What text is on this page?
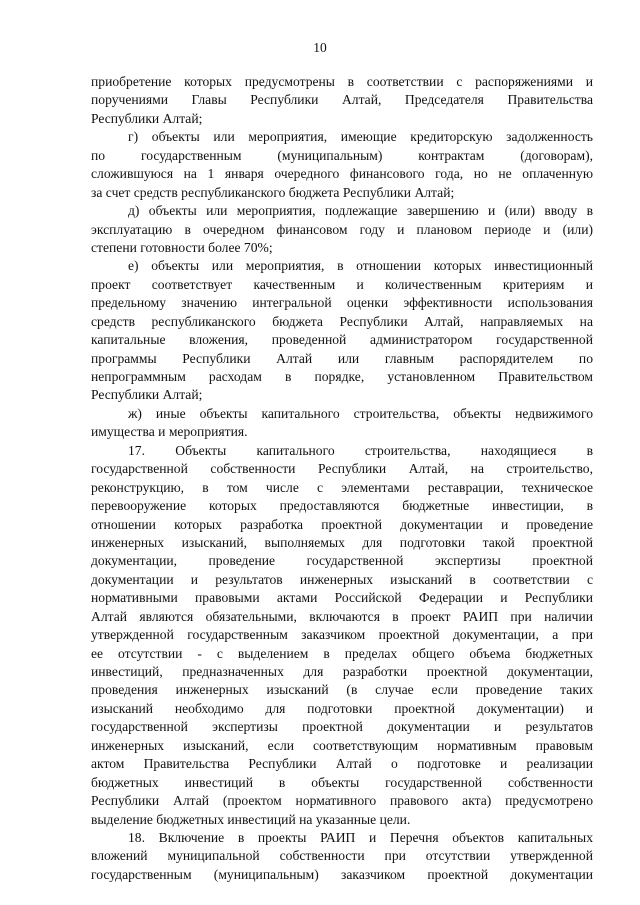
10
приобретение которых предусмотрены в соответствии с распоряжениями и
поручениями Главы Республики Алтай, Председателя Правительства
Республики Алтай;
г) объекты или мероприятия, имеющие кредиторскую задолженность
по государственным (муниципальным) контрактам (договорам),
сложившуюся на 1 января очередного финансового года, но не оплаченную
за счет средств республиканского бюджета Республики Алтай;
д) объекты или мероприятия, подлежащие завершению и (или) вводу в
эксплуатацию в очередном финансовом году и плановом периоде и (или)
степени готовности более 70%;
е) объекты или мероприятия, в отношении которых инвестиционный
проект соответствует качественным и количественным критериям и
предельному значению интегральной оценки эффективности использования
средств республиканского бюджета Республики Алтай, направляемых на
капитальные вложения, проведенной администратором государственной
программы Республики Алтай или главным распорядителем по
непрограммным расходам в порядке, установленном Правительством
Республики Алтай;
ж) иные объекты капитального строительства, объекты недвижимого
имущества и мероприятия.
17. Объекты капитального строительства, находящиеся в
государственной собственности Республики Алтай, на строительство,
реконструкцию, в том числе с элементами реставрации, техническое
перевооружение которых предоставляются бюджетные инвестиции, в
отношении которых разработка проектной документации и проведение
инженерных изысканий, выполняемых для подготовки такой проектной
документации, проведение государственной экспертизы проектной
документации и результатов инженерных изысканий в соответствии с
нормативными правовыми актами Российской Федерации и Республики
Алтай являются обязательными, включаются в проект РАИП при наличии
утвержденной государственным заказчиком проектной документации, а при
ее отсутствии - с выделением в пределах общего объема бюджетных
инвестиций, предназначенных для разработки проектной документации,
проведения инженерных изысканий (в случае если проведение таких
изысканий необходимо для подготовки проектной документации) и
государственной экспертизы проектной документации и результатов
инженерных изысканий, если соответствующим нормативным правовым
актом Правительства Республики Алтай о подготовке и реализации
бюджетных инвестиций в объекты государственной собственности
Республики Алтай (проектом нормативного правового акта) предусмотрено
выделение бюджетных инвестиций на указанные цели.
18. Включение в проекты РАИП и Перечня объектов капитальных
вложений муниципальной собственности при отсутствии утвержденной
государственным (муниципальным) заказчиком проектной документации
